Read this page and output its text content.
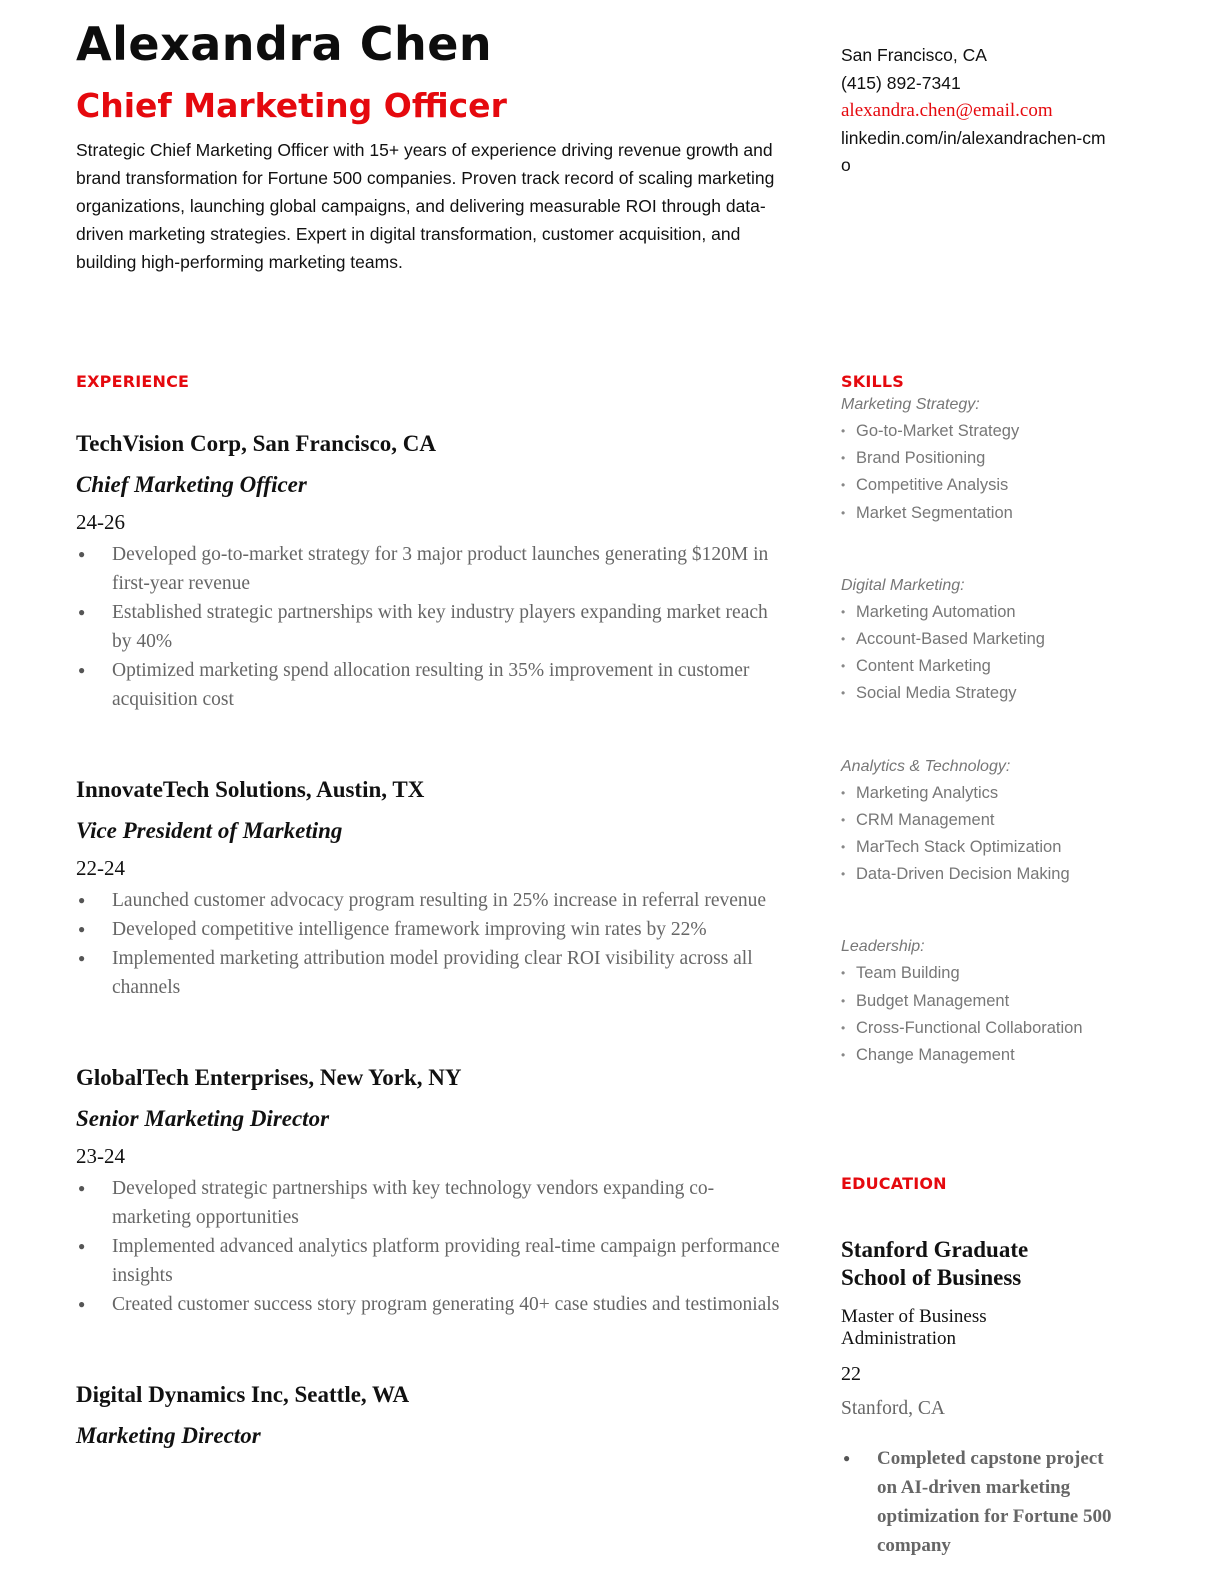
Alexandra Chen
Chief Marketing Officer
Strategic Chief Marketing Officer with 15+ years of experience driving revenue growth and brand transformation for Fortune 500 companies. Proven track record of scaling marketing organizations, launching global campaigns, and delivering measurable ROI through data-driven marketing strategies. Expert in digital transformation, customer acquisition, and building high-performing marketing teams.
San Francisco, CA
(415) 892-7341
alexandra.chen@email.com
linkedin.com/in/alexandrachen-cmo
EXPERIENCE
TechVision Corp, San Francisco, CA
Chief Marketing Officer
24-26
● Developed go-to-market strategy for 3 major product launches generating $120M in first-year revenue
● Established strategic partnerships with key industry players expanding market reach by 40%
● Optimized marketing spend allocation resulting in 35% improvement in customer acquisition cost
InnovateTech Solutions, Austin, TX
Vice President of Marketing
22-24
● Launched customer advocacy program resulting in 25% increase in referral revenue
● Developed competitive intelligence framework improving win rates by 22%
● Implemented marketing attribution model providing clear ROI visibility across all channels
GlobalTech Enterprises, New York, NY
Senior Marketing Director
23-24
● Developed strategic partnerships with key technology vendors expanding co-marketing opportunities
● Implemented advanced analytics platform providing real-time campaign performance insights
● Created customer success story program generating 40+ case studies and testimonials
Digital Dynamics Inc, Seattle, WA
Marketing Director
SKILLS
Marketing Strategy:
• Go-to-Market Strategy
• Brand Positioning
• Competitive Analysis
• Market Segmentation
Digital Marketing:
• Marketing Automation
• Account-Based Marketing
• Content Marketing
• Social Media Strategy
Analytics & Technology:
• Marketing Analytics
• CRM Management
• MarTech Stack Optimization
• Data-Driven Decision Making
Leadership:
• Team Building
• Budget Management
• Cross-Functional Collaboration
• Change Management
EDUCATION
Stanford Graduate School of Business
Master of Business Administration
22
Stanford, CA
● Completed capstone project on AI-driven marketing optimization for Fortune 500 company
